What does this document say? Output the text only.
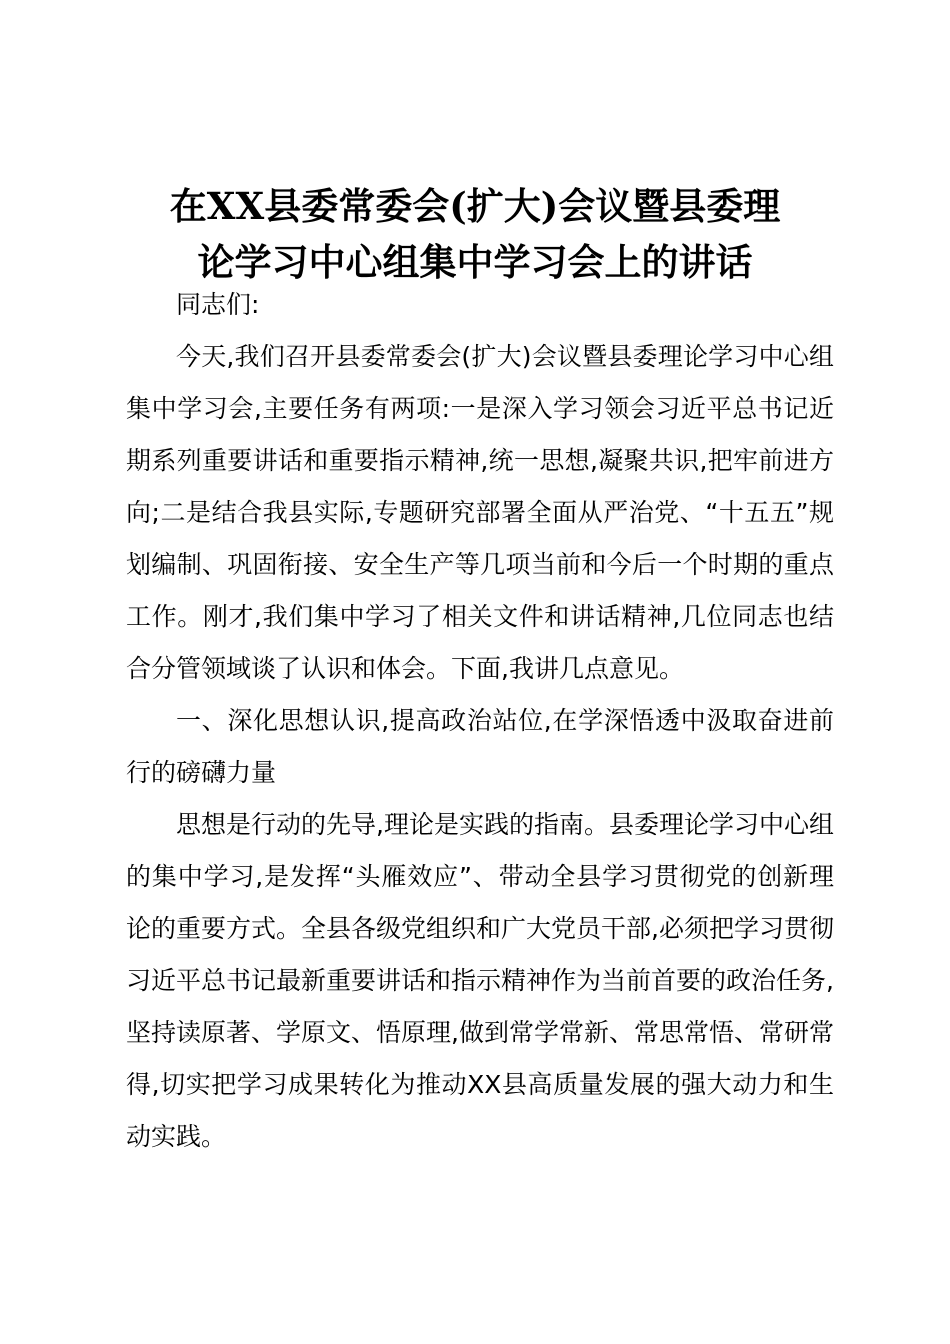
在XX县委常委会(扩大)会议暨县委理
论学习中心组集中学习会上的讲话

同志们:

今天,我们召开县委常委会(扩大)会议暨县委理论学习中心组集中学习会,主要任务有两项:一是深入学习领会习近平总书记近期系列重要讲话和重要指示精神,统一思想,凝聚共识,把牢前进方向;二是结合我县实际,专题研究部署全面从严治党、“十五五”规划编制、巩固衔接、安全生产等几项当前和今后一个时期的重点工作。刚才,我们集中学习了相关文件和讲话精神,几位同志也结合分管领域谈了认识和体会。下面,我讲几点意见。

一、深化思想认识,提高政治站位,在学深悟透中汲取奋进前行的磅礴力量

思想是行动的先导,理论是实践的指南。县委理论学习中心组的集中学习,是发挥“头雁效应”、带动全县学习贯彻党的创新理论的重要方式。全县各级党组织和广大党员干部,必须把学习贯彻习近平总书记最新重要讲话和指示精神作为当前首要的政治任务,坚持读原著、学原文、悟原理,做到常学常新、常思常悟、常研常得,切实把学习成果转化为推动XX县高质量发展的强大动力和生动实践。
